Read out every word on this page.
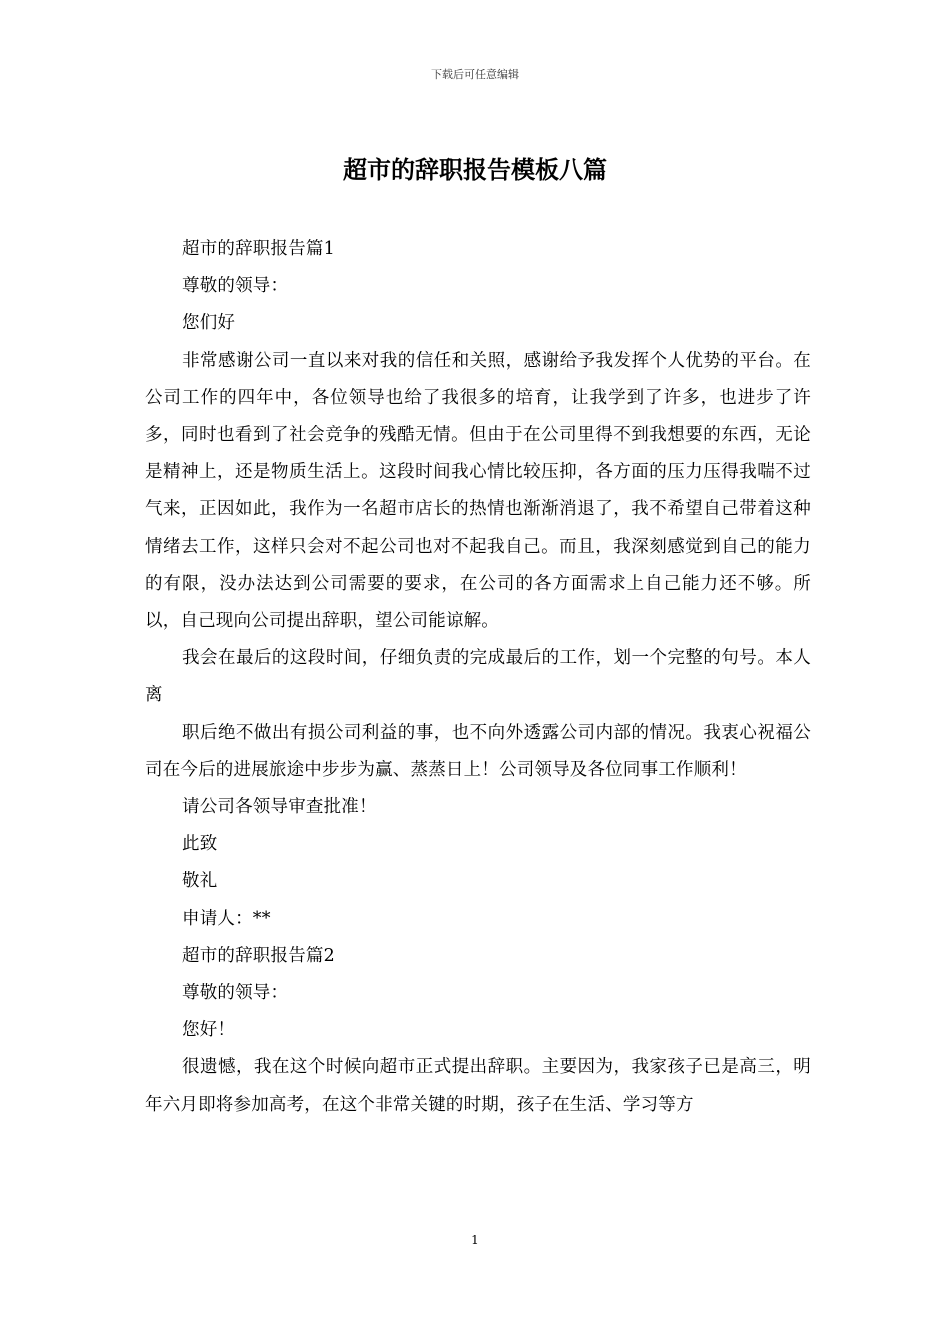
下载后可任意编辑
超市的辞职报告模板八篇

超市的辞职报告篇1

尊敬的领导：

您们好

非常感谢公司一直以来对我的信任和关照，感谢给予我发挥个人优势的平台。在公司工作的四年中，各位领导也给了我很多的培育，让我学到了许多，也进步了许多，同时也看到了社会竞争的残酷无情。但由于在公司里得不到我想要的东西，无论是精神上，还是物质生活上。这段时间我心情比较压抑，各方面的压力压得我喘不过气来，正因如此，我作为一名超市店长的热情也渐渐消退了，我不希望自己带着这种情绪去工作，这样只会对不起公司也对不起我自己。而且，我深刻感觉到自己的能力的有限，没办法达到公司需要的要求，在公司的各方面需求上自己能力还不够。所以，自己现向公司提出辞职，望公司能谅解。

我会在最后的这段时间，仔细负责的完成最后的工作，划一个完整的句号。本人离

职后绝不做出有损公司利益的事，也不向外透露公司内部的情况。我衷心祝福公司在今后的进展旅途中步步为赢、蒸蒸日上！公司领导及各位同事工作顺利！

请公司各领导审查批准！

此致

敬礼

申请人：**

超市的辞职报告篇2

尊敬的领导：

您好！

很遗憾，我在这个时候向超市正式提出辞职。主要因为，我家孩子已是高三，明年六月即将参加高考，在这个非常关键的时期，孩子在生活、学习等方

1
